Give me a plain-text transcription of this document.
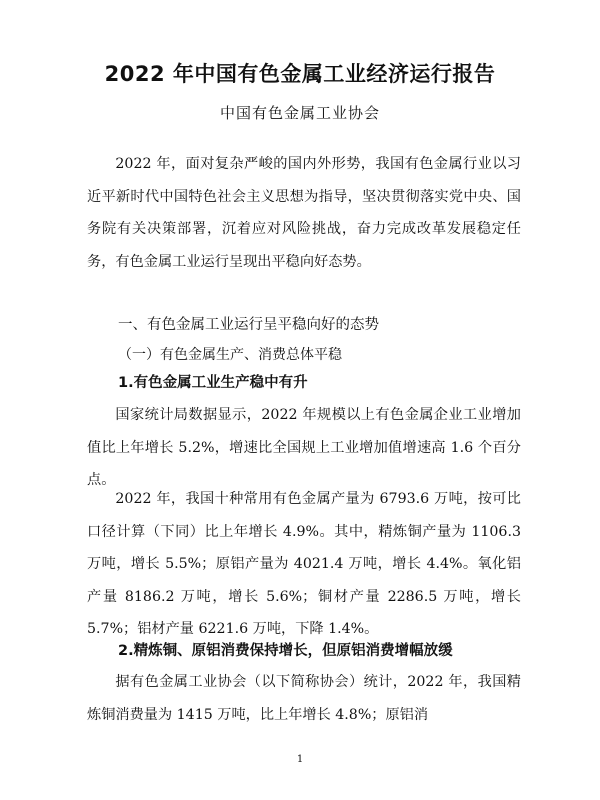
2022 年中国有色金属工业经济运行报告
中国有色金属工业协会

2022 年，面对复杂严峻的国内外形势，我国有色金属行业以习近平新时代中国特色社会主义思想为指导，坚决贯彻落实党中央、国务院有关决策部署，沉着应对风险挑战，奋力完成改革发展稳定任务，有色金属工业运行呈现出平稳向好态势。

一、有色金属工业运行呈平稳向好的态势
（一）有色金属生产、消费总体平稳
1.有色金属工业生产稳中有升

国家统计局数据显示，2022 年规模以上有色金属企业工业增加值比上年增长 5.2%，增速比全国规上工业增加值增速高 1.6 个百分点。

2022 年，我国十种常用有色金属产量为 6793.6 万吨，按可比口径计算（下同）比上年增长 4.9%。其中，精炼铜产量为 1106.3 万吨，增长 5.5%；原铝产量为 4021.4 万吨，增长 4.4%。氧化铝产量 8186.2 万吨，增长 5.6%；铜材产量 2286.5 万吨，增长 5.7%；铝材产量 6221.6 万吨，下降 1.4%。

2.精炼铜、原铝消费保持增长，但原铝消费增幅放缓

据有色金属工业协会（以下简称协会）统计，2022 年，我国精炼铜消费量为 1415 万吨，比上年增长 4.8%；原铝消

1
